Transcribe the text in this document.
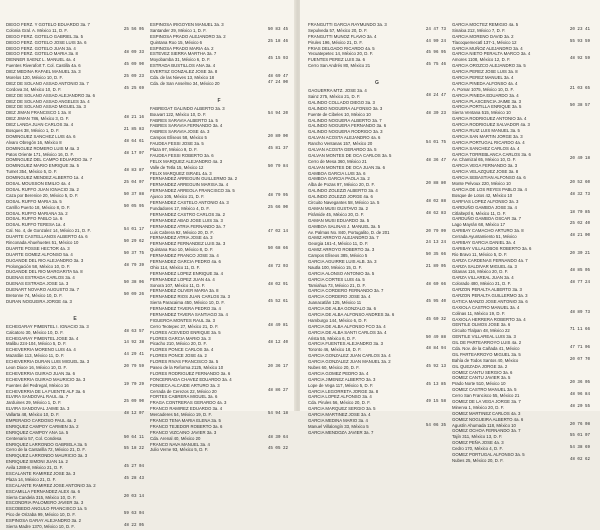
DIEGO FERZ. Y GOTELO EDUARDO 3a. 7
Colonia Gral. A. México 11, D. F.	25 56 05
DIEGO FERZ. GOTELO GABRIEL 3a. 5
DIEGO FERZ. GOTELO JOSE LUIS 3a. 6
DIEGO FERZ. GOTELO JUAN 3a. 4
DIEGO FERZ. GOTELO MARIA 3a. 8	48 09 33
DIENNER SAENZ L. MANUEL 4a. 4
Fuentes Riverafort T. Col. Castilla 4a. 6	45 09 90
DIEZ MEDINA RAFAEL MANUEL 3a. 3
Morelos 120, México 10, D. F.	25 09 23
DIEZ DE SOLANO ASSAD ANTONIO 3a. 7
Cordova 34, México 10, D. F.	45 25 69
DIEZ DE SOLANO ASSAD ALEJANDRO 3a. 6
DIEZ DE SOLANO ASSAD ANGELES 3a. 4
DIEZ DE SOLANO ASSAD MIGUEL 3a. 3
DIEZ JIMAN FRANCISCO 1 3a. 8
DIEZ JIMAN 786, México 3, D. F.	48 21 16
DIEZ LANDA JUAN CARLOS 3a. 4
Bosques 38, México 1, D. F.	21 85 83
DOMINGUEZ SANCHEZ LUIS 4a. 6
Alvaro Obregón 16, México 8	48 64 61
DOMINGUEZ ROMERO LUIS M 4a. 3
Patos Oriente 171, México 16, D. F.	48 17 07
DOMINGUEZ DEL CAMPO EDUARDO 3a. 7
DOMINGUEZ MARIO ENRIQUE 3a. 5
Tumet 354, México 5, D. F.	48 83 87
DOMINGUEZ MENDEZ ALBERTO 1a. 4
DOSAL MOUSSON EMILIO 4a. 4	25 04 07
DOSAL RUFFO JUAN IGNACIO 3a. 2
Caza por Berenice 20, México 5, D. F.	50 37 88
DOSAL RUFFO MARIA 3a. 5
Carrillo Puerto 18, México 8, D. F.	50 05 95
DOSAL RUFFO MARIANA 3a. 2
DOSAL RUFFO PABLO 1a. 6
DOSAL RUFFO TERESA 1a. 4
Cal. No. 4, de Gonzalez 14, México 21, D. F.	54 01 17
DUARTE CASTELLANOS ALBERTO 4a. 6
Rinconada Ahuehuetes 51, México 10	50 29 62
DUARTE POSSE HECTOR 4a. 3
DUARTE GOMEZ ALFONSO 5a. 4	50 37 75
DUGANDE DEL RIO ALEJANDRO 3a. 3
Prolongación 58, México 10, D. F.	48 79 39
DUGANDE DEL RIO MARGARITA 5a. 8
DUENAS ESTRADA CARLOS 3a. 4
DUENAS ESTRADA JOSE 1a. 3	50 38 06
DUENART NOVARO AUGUSTO 3a. 7
Bretonne 74, México 10, D. F.	50 09 26
DURAN NOGUEIRA JORGE 4a. 3
E
ECHEGARAY PIMENTEL I. IGNACIO 3a. 3
Calcatoro 30, México 10, D. F.	48 63 57
ECHEGARAY PIMENTEL JOSE 3a. 4
Malibu 224-104, México 5, D. F.	14 92 38
ECHEVERRIA MORENO LUIS 4a. 4
Mazatlán 113, México 11, D. F.	44 29 41
ECHEVERRIA DURAN LUIS MIGUEL 3a. 3
Leon Dioce 16, México 10, D. F.	20 79 59
ECHEVERRIA GUIRAO JUAN 3a. 6
ECHEVERRIA GUIRAO MAURICIO 3a. 3
Fuentes del Pedregal, México 16	19 70 29
ECHEVERRIA DE LA FUENTE ALF 3a. 6
ELVIRA SANDOVAL RAUL 4a. 7
Jarduines 29, México 1, D. F.	25 09 90
ELVIRA SANDOVAL JAIME 3a. 3
Vallarta 48, México 10, D. F.	48 12 07
EMPERADO CARDOSO PAUL 4a. 2
ENRIQUEZ CAMPOY CARMEN 3a. 2
ENRIQUEZ CAMPOY ANA 1a. 5
Centenario 57, Col. Condesa	50 64 11
ENRIQUEZ LARRONDO GABRIELA 3a. 5
Cerro de la Cantarilla 72, México 21, D. F.	55 18 22
ENRIQUEZ LARRONDO MAURICIO 3a. 3
ENRIQUEZ SIMONI JUAN 1a. 2
Avila 1288-8, México 21, D. F.	45 27 04
ESCALANTE RAMIREZ JOSE 3a. 3
Plaza 14, México 21, D. F.	45 28 43
ESCALANTE RAMIREZ JOSE ANTONIO 3a. 2
ESCAMILLA FERNANDEZ ALEX 4a. 6
Sierra Candela 315, México 10, D. F.	20 03 14
ESCONDRIA PALOMERO JAVIER 3a. 3
ESCOBEDO ANGULO FRANCISCO 1a. 5
Pico de Orizaba 99, México 10, D. F.	59 63 04
ESPINOSA GARAY ALEJANDRO 3a. 2
Sierra Madre 1370, México 10, D. F.	48 22 05
ESPINOSA IRIGOYEN MANUEL 3a. 3
Santander 29, México 1, D. F.	50 83 45
ESPINOSA PRADO ALEJANDRO 3a. 2
Quintana Roo 15, México 6	25 18 46
ESPINOSA PRADO MARIA 4a. 2
ESTEVEZ SIERRA MARTHA 3a. 7
Moyobamba 31, México 6, D. F.	45 15 93
ESTRADA BUSTILLOS ANA 3a. 4
EVERTSZ GONZALEZ JOSE 3a. 8
Cda. de las Nieves 13, México 18	48 69 47
Cda. de San Anselmo 34, México 20	47 24 00
F
FABREGAT GALINDO ALBERTO 3a. 3
Bouvart 122, México 10, D. F.	54 94 20
FABRES SARAVIA ALBERTO 1a. 5
FABRES SARAVIA FERNANDO 3a. 4
FABRES SARAVIA JOSE 4a. 3
Campos Elíseos 58, México 5	20 80 00
FAUDEA FESSI JOSE 3a. 5
Plaza 97, México 9, D. F.	45 81 37
FAUDEA FESSI ROBERTO 3a. 6
FELIX MARQUEZ ALEJANDRO 4a. 3
Valle de Tetla 15, México 12	50 79 84
FELIX MARQUEZ ISRAEL 4a. 3
FERNANDEZ ARREGUIN GUILLERMO 3a. 2
FERNANDEZ ARREGUIN MARISA 3a. 4
FERNANDEZ ARREOLA FRANCISCO 3a. 5
Ajusco 105, México 21, D. F.	48 79 95
FERNANDEZ CASTELO ANTONIO 4a. 3
Fundadores 17, México 4, D. F.	25 66 00
FERNANDEZ CASTRO CARLOS 3a. 2
FERNANDEZ ABAD JOSE LUIS 3a. 3
FERNANDEZ ATRIA FERNANDO 3a. 7
Luis Cabrera 92, México 20, D. F.	47 02 14
FERNANDEZ ATRIA JOSE 4a. 3
FERNANDEZ FERNANDEZ LUIS 3a. 3
Quintana Roo 10, México 8, D. F.	50 68 66
FERNANDEZ FRANCO JOSE 3a. 4
FERNANDEZ GARCIA PEDRO 4a. 6
Ohio 114, México 11, D. F.	48 72 03
FERNANDEZ LOPEZ ENRIQUE 3a. 4
FERNANDEZ LOPEZ JUAN 4a. 4
Sonora 107, México 11, D. F.	48 02 91
FERNANDEZ OLIVER MARIA 3a. 8
FERNANDEZ RIOS JUAN CARLOS 3a. 3
Sierra Paracaima 450, México 10, D. F.	45 52 61
FERNANDEZ TAVERA PEDRO 3a. 4
FERNANDEZ TAVERA SANTIAGO 3a. 4
FIGUEROA MONTES RAUL 3a. 3
Cerro Teotepec 27, México 21, D. F.	48 49 81
FLORES ACEVEDO ENRIQUE 3a. 5
FLORES GARCIA MARIO 3a. 3
Picacho 210, México 20, D. F.	48 12 40
FLORES PONCE CARLOS 3a. 4
FLORES PONCE JOSE 4a. 2
FLORES RIVAS FRANCISCO 3a. 5
Paseo de la Reforma 2125, México 10	20 36 17
FLORES RODRIGUEZ FERNANDO 3a. 6
FONCERRADA CHAVEZ EDUARDO 3a. 4
FONSECA ALCAIDE ARTURO 3a. 3
Cerrada de Cerezos 22, México 20	48 86 27
FORTES CABRERA MIGUEL 3a. 6
FRAGA CONTRERAS GERARDO 4a. 3
FRANCO RAMIREZ EDUARDO 3a. 4
Mercaderes 54, México 19, D. F.	54 94 18
FRANCO TENA MARIA ELENA 3a. 5
FRANCO TEJEDOR ROBERTO 3a. 6
FRANCO VIZCAINO JAVIER 3a. 3
Cda. Arenal 40, México 20	48 30 64
FRANCO NAVA MANUEL 3a. 4
Julio Verne 93, México 5, D. F.	45 05 22
FRANGUTTI GARCIA RAYMUNDO 3a. 3
Sepulveda 57, México 20, D. F.	24 47 73
FRANGUTTI MUNOZ FLAVIO 3a. 4
Pirules 196, México 21, D. F.	44 90 24
FRIAS DELGADO RICARDO 4a. 5
Yecuatepetec 14, México 20, D. F.	45 96 95
FUENTES PEREZ LUIS 3a. 6
Cerro San Andrés 80, México 21	45 75 46
G
GAGUERRA MTZ. JOSE 3a. 4
Sainz 275, México 21, D. F.	48 24 47
GALINDO COLLADO DIEGO 3a. 3
GALINDO NOGUERA ALFONSO 3a. 3
Fuente de Cibeles 10, México 10	48 30 23
GALINDO NOGUERA ALBERTO 3a. 7
GALINDO NOGUERA FERNANDO 3a. 6
GALINDO NOGUERA RODRIGO 3a. 3
GALVAN ACOSTA ALEJANDRO 4a. 6
Rancho Ventanas 157, México 20	54 01 75
GALVAN ACOSTA GERARDO 3a. 5
GALVAN MONTES DE OCA CARLOS 3a. 5
Cerro de Mesa 360, México 21	48 36 47
GALVAN MONTES DE OCA JUAN 3a. 6
GAMBOA GARCIA LUIS 3a. 6
GAMBOA GARCIA PAOLA 3a. 2
Alba de Pozas 97, México 20, D. F.	20 88 80
GALINDO ZOLEZZI ALBERTO 3a. 4
GALINDO ZOLEZZI JORGE 4a. 6
Circuito Navegantes 58, México 1a. 5	48 02 88
GAMAN MUSI GUSTAVO 3a. 2
Pirámide 45, México 20, D. F.	48 62 83
GAMAN MUSI EDUARDO 3a. 5
GAMBOA SALINAS J. MANUEL 3a. 5
Av. Palmas No. 840, Portugalito, D. de 201	20 79 09
GAMIZ ARROYO ALEJANDRO 3a. 7
Georgia 161-4, México 11, D. F.	24 13 24
GAMIZ ARROYO ROBERTO 3a. 3
Campos Elíseos 385, México 5	50 35 66
GARCIA AGUIRRE LUIS ALB. 3a. 3
Nautla 100, México 15, D. F.	21 89 05
GARCIA ALONSO ANTONIO 3a. 5
GARCIA CORTES LUIS 4a. 5
Tamiahua 73, México 21, D. F.	48 60 66
GARCIA CORDERO FERNANDO 3a. 7
GARCIA CORDERO JOSE 3a. 4
Juanacatlán 125, México 11	45 95 40
GARCIA DE ALBA GONZALO 3a. 6
GARCIA DE ALBA ALFONSO ANDRES 3a. 6
Hamburgo 144, México 6, D. F.	45 60 32
GARCIA DE ALBA ALFONSO FCO 3a. 4
GARCIA DE ALBA SANTI CARLOS 3a. 4
Arista 55, México 6, D. F.	50 49 88
GARCIA FUENTES ALEJANDRO 3a. 3
Toronto 46, México 18, D. F.	48 84 94
GARCIA GONZALEZ JUAN CARLOS 3a. 4
GARCIA GONZALEZ JUAN MANUEL 3a. 2
Nubes 60, México 20, D. F.	45 92 13
GARCIA GOMEZ PEDRO 3a. 4
GARCIA JIMENEZ ALBERTO 3a. 3
Lope de Vega 117, México 5, D. F.	45 13 85
GARCIA LEGORRETA JORGE 3a. 8
GARCIA LOPEZ ALFONSO 3a. 4
Cda. Pirules 56, México 20, D. F.	49 15 58
GARCIA MARQUEZ SERGIO 3a. 5
GARCIA MARTINEZ JOSE 3a. 4
GARCIA MEDINA MARIO 3a. 4
Manuel Villalongín 33, México 5	54 06 35
GARCIA MENDOZA JAVIER 3a. 7
GARCIA MOCTEZ REMIGIO 4a. 5
Sinaloa 212, México 7, D. F.	20 23 41
GARCIA MORENO DAVID 3a. 2
Tlacoquemecatl 137-1, México 12	55 93 59
GARCIA MUÑOZ ALEJANDRO 3a. 4
GARCIA NIETO PERALTA MARCO 3a. 4
Amores 1108, México 12, D. F.	48 92 59
GARCIA OROZCO ALEJANDRO 3a. 5
GARCIA PEREZ JOSE LUIS 3a. 8
GARCIA PEREZ MANUEL 3a. 4
GARCIA PINEDA ALFONSO 4a. 4
A. Pomar 1075, México 10, D. F.	21 03 65
GARCIA PINEDA EDUARDO 3a. 4
GARCIA PLASCENCIA JAIME 3a. 3
GARCIA PORTILLA ENRIQUE 3a. 5	50 38 57
Sierra Ventana 515, México 10
GARCIA RODRIGUEZ ANTONIO 3a. 4
GARCIA RODRIGUEZ SALVADOR 4a. 3
GARCIA RUIZ LUIS MANUEL 3a. 5
GARCIA SAN MARTIN JORGE 3a. 3
GARCIA PORTUGAL RICARDO 4a. 4
GARCIA SANCHEZ CARLOS 4a. 4
GARCIA TORREBLANCA CARLOS 3a. 6
Av. Chamizal 65, México 10, D. F.	20 40 18
GARCIA VEGA FERNANDO 3a. 3
GARCIA VELAZQUEZ JOSE 3a. 8
GARCIA SEBASTIAN ALFONSO 4a. 6
Monte Pelvoux 220, México 10	20 52 60
GARCIA DE LOS REYES PABLO 3a. 4
Bosque de Lotos 42, México 10	48 32 73
GARFIAS LOPEZ ALFONSO 3a. 3
GARDUÑO GAMBOA JOSE 3a. 4
Citlalteptl 6, México 11, D. F.	18 70 85
GARDUÑO GAMBOA OSCAR 3a. 7
Lago Mayrán 68, México 17	25 02 40
GARIBAY CAMACHO ARTURO 3a. 8
Cerrada Ayuntamiento 51, México	48 21 00
GARIBAY GARCIA DANIEL 3a. 4
GARIBAY VILLALOBOS ROBERTO 3a. 6
Rio Bravo 11, México 5, D. F.	20 30 21
GARZA CARDENAS FERNANDO 4a. 7
GARZA SALDIVAR MIGUEL 4a. 3
Gitanas 116, México 20, D. F.	48 85 05
GARZA VILLAREAL JUAN 3a. 4
Colorado 480, México 21, D. F.	48 77 24
GARZON PERALTA ALBERTO 3a. 3
GARZON PERALTA GUILLERMO 3a. 3
GATICA MANZO JOSE ANTONIO 3a. 6
GAXIOLA CASTRO MANUEL 3a. 4
Colinas 11, México 19, D. F.	48 89 73
GAXIOLA HERRERA ROBERTO 3a. 4
GENTILE OLMOS JOSE 3a. 6
Circuito Tlalpan 48, México 22	71 11 66
GENTILE VILLAREAL LUIS 3a. 3
GIL DE PARTEARROYO LUIS 4a. 2
Cda. Nov. de la Cañada 41, México	47 71 06
GIL PARTEARROYO MIGUEL 3a. 5
Bahía de Todos Santos 40, México	20 07 70
GIL QUEZADA JORGE 3a. 2
GOMEZ CANTU SERGIO 3a. 6
GOMEZ CANTU JAVIER 3a. 5
Prado Norte 510, México 10	20 36 05
GOMEZ CASTRO MANUEL 3a. 5
Cerro San Francisco 55, México 21	48 96 84
GOMEZ DE LA VEGA JORGE 3a. 7
Minerva 1, México 20, D. F.	48 20 55
GOMEZ MARTINEZ CARLOS 4a. 3
GOMEZ NOGUEIRA ALBERTO 4a. 6
Agustín Ahumada 118, México 10	20 76 08
GOMEZ OCHOA FERNANDO 3a. 7
Tajín 311, México 13, D. F.	55 01 07
GOMEZ PEÑA JOSE 4a. 3
Cedro 170, México 4, D. F.	54 38 69
GOMEZ PORTUGAL ALFONSO 3a. 5
Nubes 25, México 20, D. F.	48 02 62
